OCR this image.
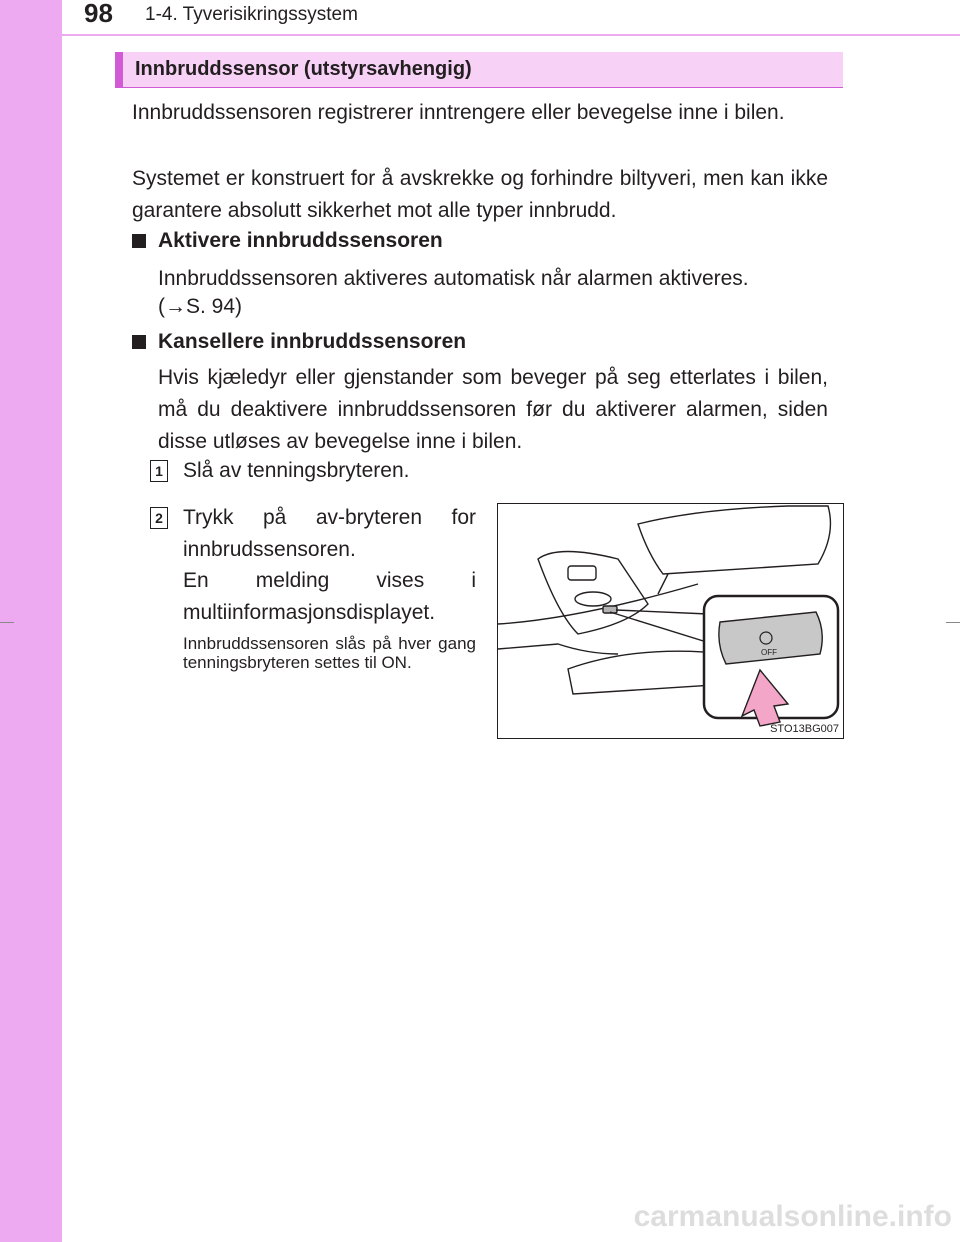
98 1-4. Tyverisikringssystem
Innbruddssensor (utstyrsavhengig)
Innbruddssensoren registrerer inntrengere eller bevegelse inne i bilen.
Systemet er konstruert for å avskrekke og forhindre biltyveri, men kan ikke garantere absolutt sikkerhet mot alle typer innbrudd.
Aktivere innbruddssensoren
Innbruddssensoren aktiveres automatisk når alarmen aktiveres.
(→S. 94)
Kansellere innbruddssensoren
Hvis kjæledyr eller gjenstander som beveger på seg etterlates i bilen, må du deaktivere innbruddssensoren før du aktiverer alarmen, siden disse utløses av bevegelse inne i bilen.
1 Slå av tenningsbryteren.
2 Trykk på av-bryteren for innbrudssensoren.
En melding vises i multiinformasjonsdisplayet.
Innbruddssensoren slås på hver gang tenningsbryteren settes til ON.
OFF
STO13BG007
carmanualsonline.info
